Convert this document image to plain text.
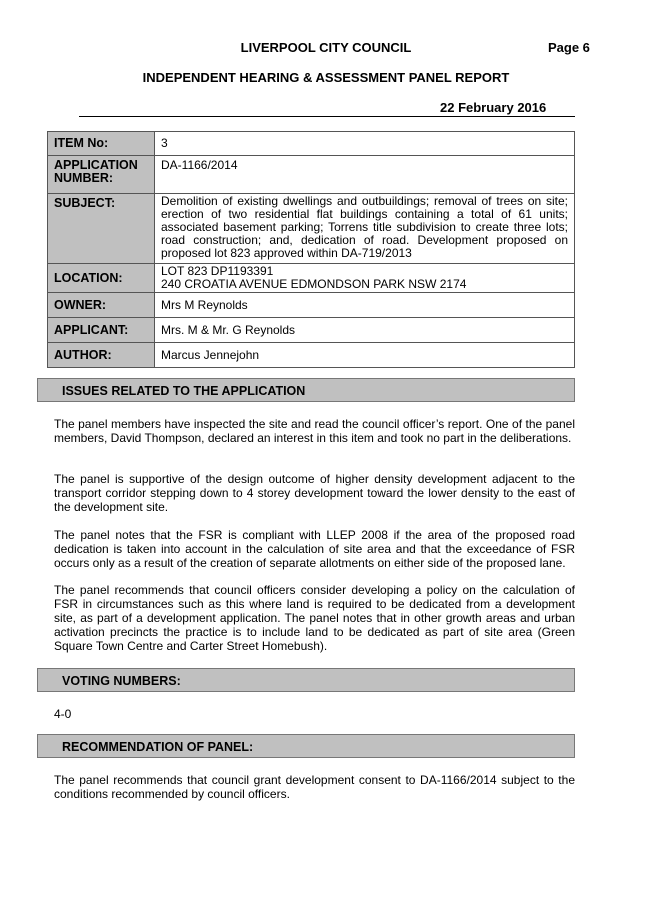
LIVERPOOL CITY COUNCIL	Page 6
INDEPENDENT HEARING & ASSESSMENT PANEL REPORT
22 February 2016
ITEM No:	3
APPLICATION NUMBER:	DA-1166/2014
SUBJECT:	Demolition of existing dwellings and outbuildings; removal of trees on site; erection of two residential flat buildings containing a total of 61 units; associated basement parking; Torrens title subdivision to create three lots; road construction; and, dedication of road. Development proposed on proposed lot 823 approved within DA-719/2013
LOCATION:	LOT 823 DP1193391
240 CROATIA AVENUE EDMONDSON PARK NSW 2174

OWNER:	Mrs M Reynolds
APPLICANT:	Mrs. M & Mr. G Reynolds
AUTHOR:	Marcus Jennejohn
ISSUES RELATED TO THE APPLICATION

The panel members have inspected the site and read the council officer’s report. One of the panel members, David Thompson, declared an interest in this item and took no part in the deliberations.

The panel is supportive of the design outcome of higher density development adjacent to the transport corridor stepping down to 4 storey development toward the lower density to the east of the development site.

The panel notes that the FSR is compliant with LLEP 2008 if the area of the proposed road dedication is taken into account in the calculation of site area and that the exceedance of FSR occurs only as a result of the creation of separate allotments on either side of the proposed lane.

The panel recommends that council officers consider developing a policy on the calculation of FSR in circumstances such as this where land is required to be dedicated from a development site, as part of a development application. The panel notes that in other growth areas and urban activation precincts the practice is to include land to be dedicated as part of site area (Green Square Town Centre and Carter Street Homebush).

VOTING NUMBERS:

4-0

RECOMMENDATION OF PANEL:

The panel recommends that council grant development consent to DA-1166/2014 subject to the conditions recommended by council officers.
